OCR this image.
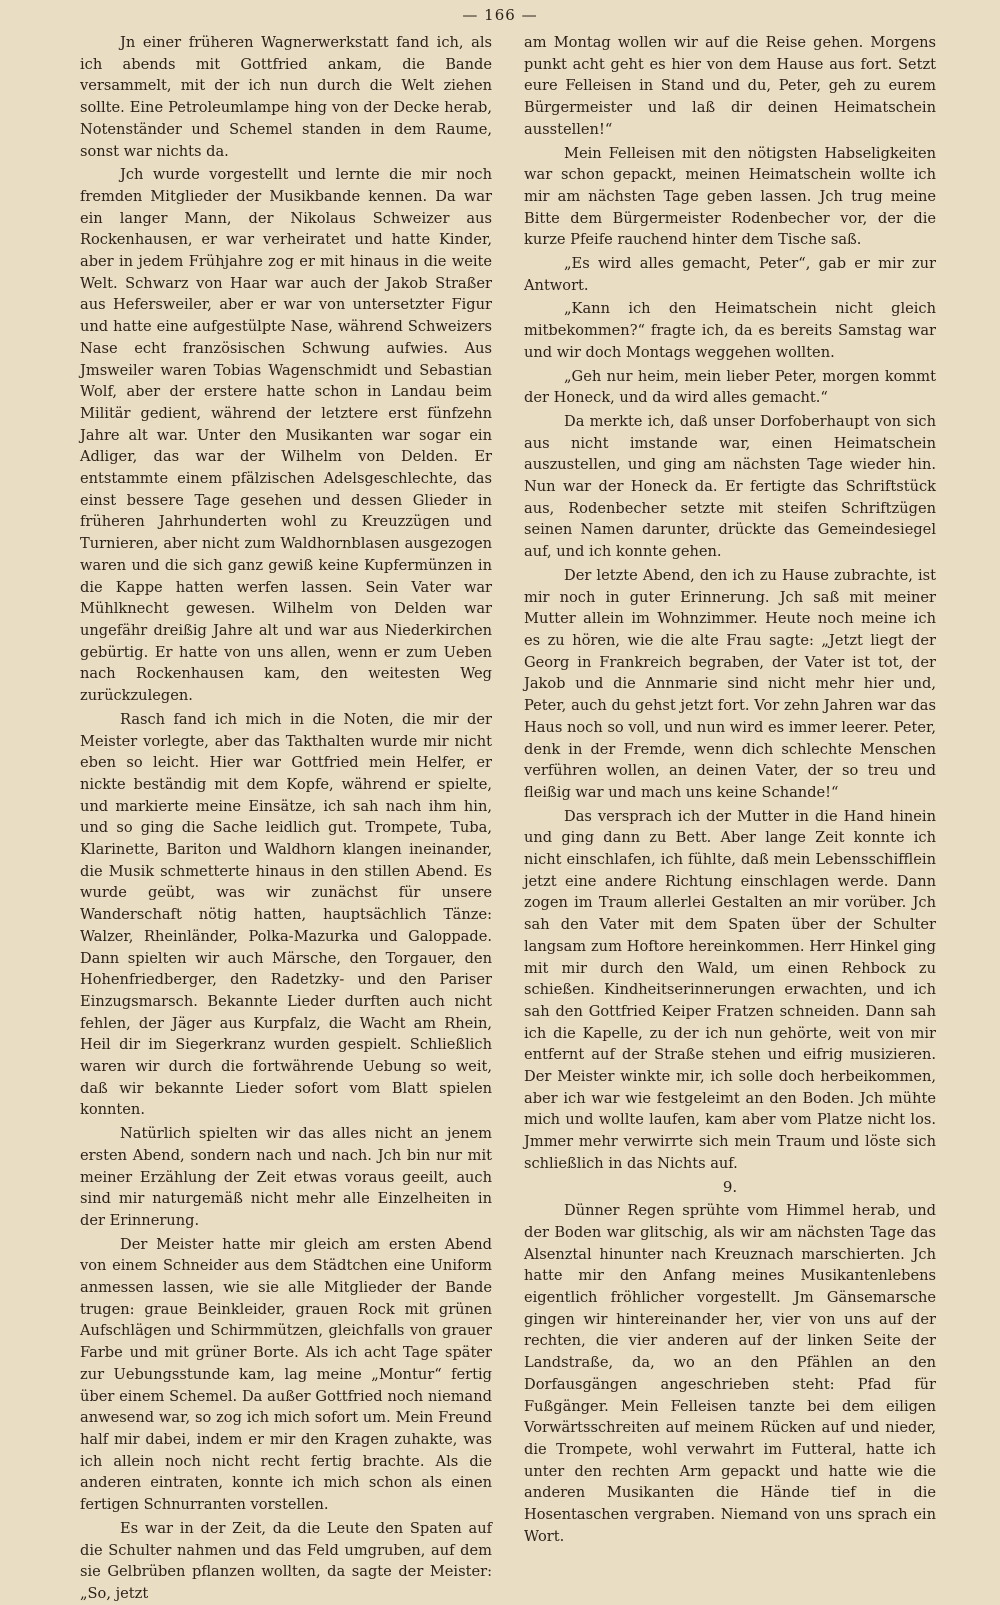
— 166 —

Jn einer früheren Wagnerwerkstatt fand ich, als ich abends mit Gottfried ankam, die Bande versammelt, mit der ich nun durch die Welt ziehen sollte. Eine Petroleumlampe hing von der Decke herab, Notenständer und Schemel standen in dem Raume, sonst war nichts da.

Jch wurde vorgestellt und lernte die mir noch fremden Mitglieder der Musikbande kennen. Da war ein langer Mann, der Nikolaus Schweizer aus Rockenhausen, er war verheiratet und hatte Kinder, aber in jedem Frühjahre zog er mit hinaus in die weite Welt. Schwarz von Haar war auch der Jakob Straßer aus Hefersweiler, aber er war von untersetzter Figur und hatte eine aufgestülpte Nase, während Schweizers Nase echt französischen Schwung aufwies. Aus Jmsweiler waren Tobias Wagenschmidt und Sebastian Wolf, aber der erstere hatte schon in Landau beim Militär gedient, während der letztere erst fünfzehn Jahre alt war. Unter den Musikanten war sogar ein Adliger, das war der Wilhelm von Delden. Er entstammte einem pfälzischen Adelsgeschlechte, das einst bessere Tage gesehen und dessen Glieder in früheren Jahrhunderten wohl zu Kreuzzügen und Turnieren, aber nicht zum Waldhornblasen ausgezogen waren und die sich ganz gewiß keine Kupfermünzen in die Kappe hatten werfen lassen. Sein Vater war Mühlknecht gewesen. Wilhelm von Delden war ungefähr dreißig Jahre alt und war aus Niederkirchen gebürtig. Er hatte von uns allen, wenn er zum Ueben nach Rockenhausen kam, den weitesten Weg zurückzulegen.

Rasch fand ich mich in die Noten, die mir der Meister vorlegte, aber das Takthalten wurde mir nicht eben so leicht. Hier war Gottfried mein Helfer, er nickte beständig mit dem Kopfe, während er spielte, und markierte meine Einsätze, ich sah nach ihm hin, und so ging die Sache leidlich gut. Trompete, Tuba, Klarinette, Bariton und Waldhorn klangen ineinander, die Musik schmetterte hinaus in den stillen Abend. Es wurde geübt, was wir zunächst für unsere Wanderschaft nötig hatten, hauptsächlich Tänze: Walzer, Rheinländer, Polka-Mazurka und Galoppade. Dann spielten wir auch Märsche, den Torgauer, den Hohenfriedberger, den Radetzky- und den Pariser Einzugsmarsch. Bekannte Lieder durften auch nicht fehlen, der Jäger aus Kurpfalz, die Wacht am Rhein, Heil dir im Siegerkranz wurden gespielt. Schließlich waren wir durch die fortwährende Uebung so weit, daß wir bekannte Lieder sofort vom Blatt spielen konnten.

Natürlich spielten wir das alles nicht an jenem ersten Abend, sondern nach und nach. Jch bin nur mit meiner Erzählung der Zeit etwas voraus geeilt, auch sind mir naturgemäß nicht mehr alle Einzelheiten in der Erinnerung.

Der Meister hatte mir gleich am ersten Abend von einem Schneider aus dem Städtchen eine Uniform anmessen lassen, wie sie alle Mitglieder der Bande trugen: graue Beinkleider, grauen Rock mit grünen Aufschlägen und Schirmmützen, gleichfalls von grauer Farbe und mit grüner Borte. Als ich acht Tage später zur Uebungsstunde kam, lag meine „Montur“ fertig über einem Schemel. Da außer Gottfried noch niemand anwesend war, so zog ich mich sofort um. Mein Freund half mir dabei, indem er mir den Kragen zuhakte, was ich allein noch nicht recht fertig brachte. Als die anderen eintraten, konnte ich mich schon als einen fertigen Schnurranten vorstellen.

Es war in der Zeit, da die Leute den Spaten auf die Schulter nahmen und das Feld umgruben, auf dem sie Gelbrüben pflanzen wollten, da sagte der Meister: „So, jetzt

am Montag wollen wir auf die Reise gehen. Morgens punkt acht geht es hier von dem Hause aus fort. Setzt eure Felleisen in Stand und du, Peter, geh zu eurem Bürgermeister und laß dir deinen Heimatschein ausstellen!“

Mein Felleisen mit den nötigsten Habseligkeiten war schon gepackt, meinen Heimatschein wollte ich mir am nächsten Tage geben lassen. Jch trug meine Bitte dem Bürgermeister Rodenbecher vor, der die kurze Pfeife rauchend hinter dem Tische saß.

„Es wird alles gemacht, Peter“, gab er mir zur Antwort.

„Kann ich den Heimatschein nicht gleich mitbekommen?“ fragte ich, da es bereits Samstag war und wir doch Montags weggehen wollten.

„Geh nur heim, mein lieber Peter, morgen kommt der Honeck, und da wird alles gemacht.“

Da merkte ich, daß unser Dorfoberhaupt von sich aus nicht imstande war, einen Heimatschein auszustellen, und ging am nächsten Tage wieder hin. Nun war der Honeck da. Er fertigte das Schriftstück aus, Rodenbecher setzte mit steifen Schriftzügen seinen Namen darunter, drückte das Gemeindesiegel auf, und ich konnte gehen.

Der letzte Abend, den ich zu Hause zubrachte, ist mir noch in guter Erinnerung. Jch saß mit meiner Mutter allein im Wohnzimmer. Heute noch meine ich es zu hören, wie die alte Frau sagte: „Jetzt liegt der Georg in Frankreich begraben, der Vater ist tot, der Jakob und die Annmarie sind nicht mehr hier und, Peter, auch du gehst jetzt fort. Vor zehn Jahren war das Haus noch so voll, und nun wird es immer leerer. Peter, denk in der Fremde, wenn dich schlechte Menschen verführen wollen, an deinen Vater, der so treu und fleißig war und mach uns keine Schande!“

Das versprach ich der Mutter in die Hand hinein und ging dann zu Bett. Aber lange Zeit konnte ich nicht einschlafen, ich fühlte, daß mein Lebensschifflein jetzt eine andere Richtung einschlagen werde. Dann zogen im Traum allerlei Gestalten an mir vorüber. Jch sah den Vater mit dem Spaten über der Schulter langsam zum Hoftore hereinkommen. Herr Hinkel ging mit mir durch den Wald, um einen Rehbock zu schießen. Kindheitserinnerungen erwachten, und ich sah den Gottfried Keiper Fratzen schneiden. Dann sah ich die Kapelle, zu der ich nun gehörte, weit von mir entfernt auf der Straße stehen und eifrig musizieren. Der Meister winkte mir, ich solle doch herbeikommen, aber ich war wie festgeleimt an den Boden. Jch mühte mich und wollte laufen, kam aber vom Platze nicht los. Jmmer mehr verwirrte sich mein Traum und löste sich schließlich in das Nichts auf.

9.

Dünner Regen sprühte vom Himmel herab, und der Boden war glitschig, als wir am nächsten Tage das Alsenztal hinunter nach Kreuznach marschierten. Jch hatte mir den Anfang meines Musikantenlebens eigentlich fröhlicher vorgestellt. Jm Gänsemarsche gingen wir hintereinander her, vier von uns auf der rechten, die vier anderen auf der linken Seite der Landstraße, da, wo an den Pfählen an den Dorfausgängen angeschrieben steht: Pfad für Fußgänger. Mein Felleisen tanzte bei dem eiligen Vorwärtsschreiten auf meinem Rücken auf und nieder, die Trompete, wohl verwahrt im Futteral, hatte ich unter den rechten Arm gepackt und hatte wie die anderen Musikanten die Hände tief in die Hosentaschen vergraben. Niemand von uns sprach ein Wort.
